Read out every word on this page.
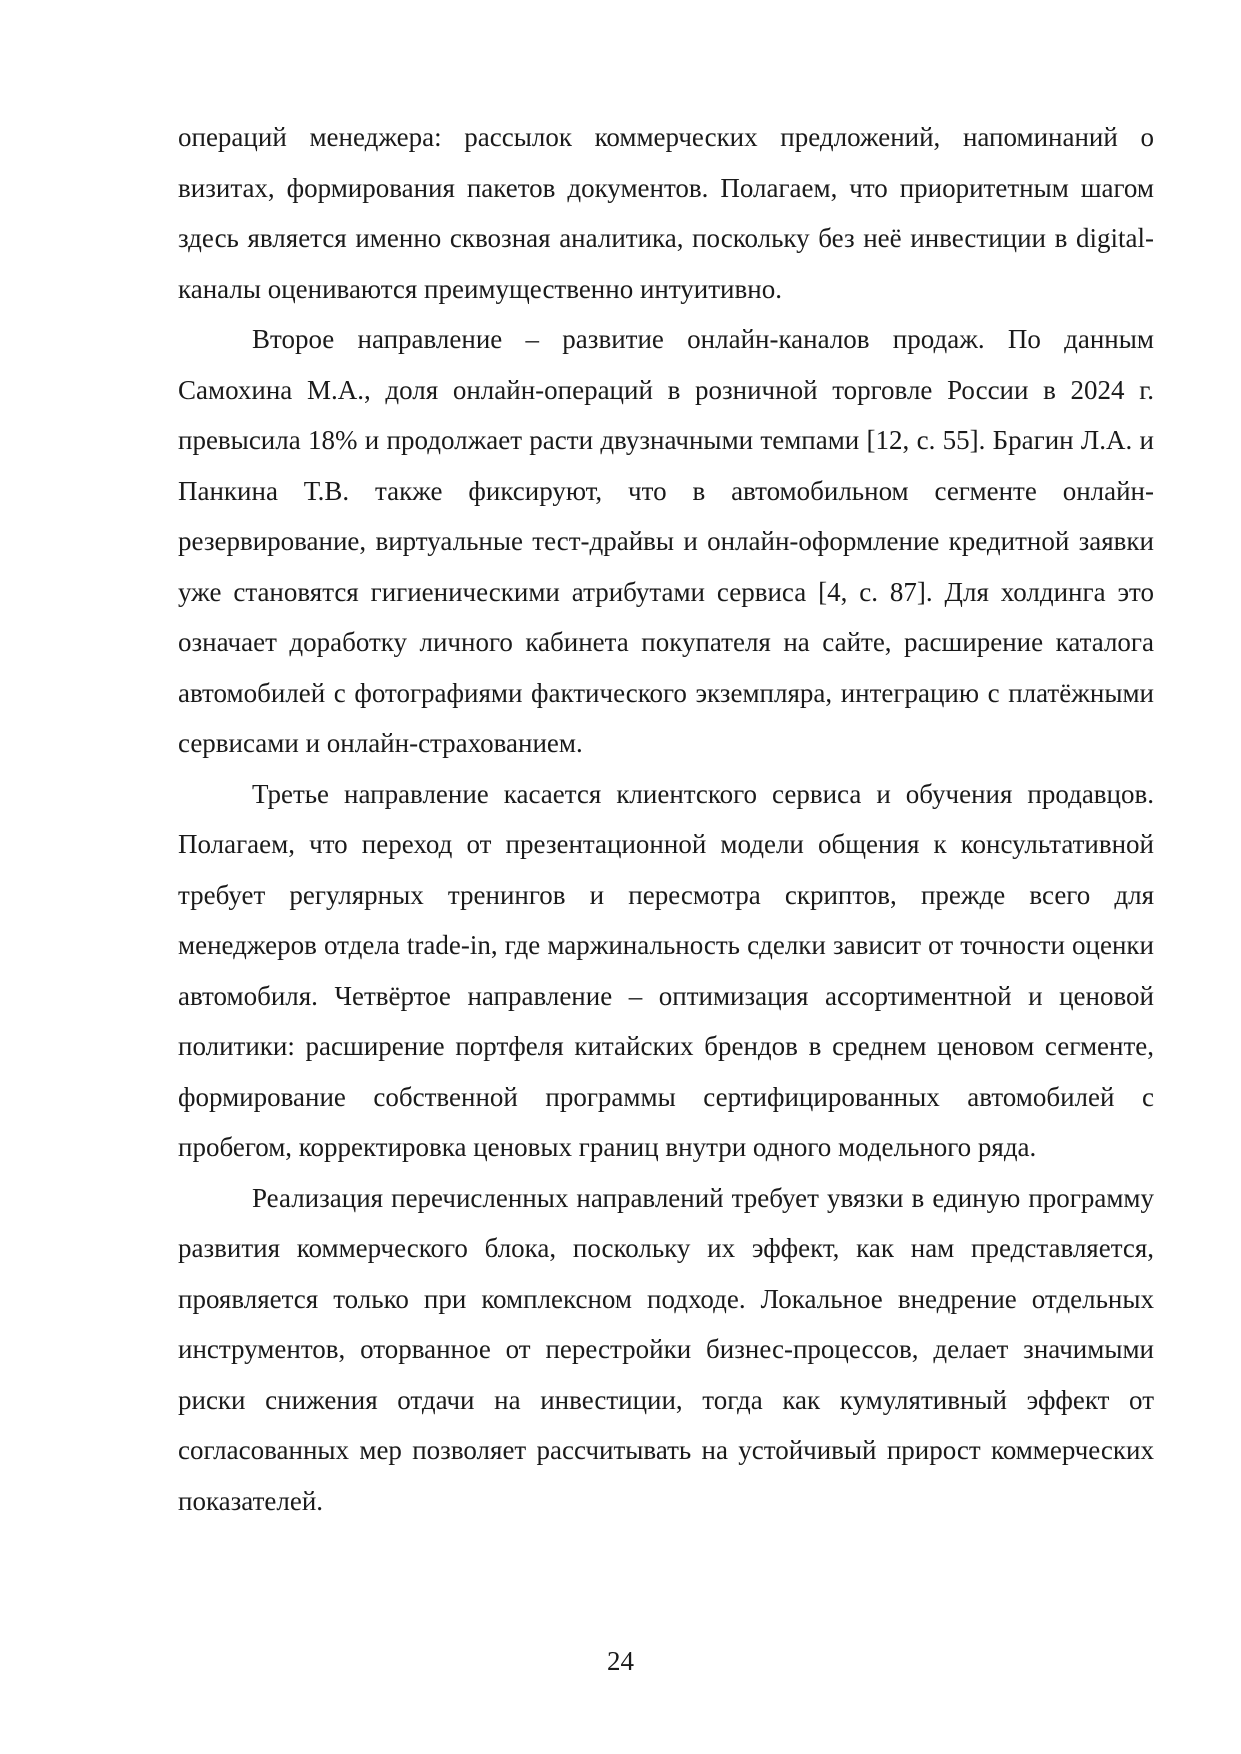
операций менеджера: рассылок коммерческих предложений, напоминаний о визитах, формирования пакетов документов. Полагаем, что приоритетным шагом здесь является именно сквозная аналитика, поскольку без неё инвестиции в digital-каналы оцениваются преимущественно интуитивно.

Второе направление – развитие онлайн-каналов продаж. По данным Самохина М.А., доля онлайн-операций в розничной торговле России в 2024 г. превысила 18% и продолжает расти двузначными темпами [12, с. 55]. Брагин Л.А. и Панкина Т.В. также фиксируют, что в автомобильном сегменте онлайн-резервирование, виртуальные тест-драйвы и онлайн-оформление кредитной заявки уже становятся гигиеническими атрибутами сервиса [4, с. 87]. Для холдинга это означает доработку личного кабинета покупателя на сайте, расширение каталога автомобилей с фотографиями фактического экземпляра, интеграцию с платёжными сервисами и онлайн-страхованием.

Третье направление касается клиентского сервиса и обучения продавцов. Полагаем, что переход от презентационной модели общения к консультативной требует регулярных тренингов и пересмотра скриптов, прежде всего для менеджеров отдела trade-in, где маржинальность сделки зависит от точности оценки автомобиля. Четвёртое направление – оптимизация ассортиментной и ценовой политики: расширение портфеля китайских брендов в среднем ценовом сегменте, формирование собственной программы сертифицированных автомобилей с пробегом, корректировка ценовых границ внутри одного модельного ряда.

Реализация перечисленных направлений требует увязки в единую программу развития коммерческого блока, поскольку их эффект, как нам представляется, проявляется только при комплексном подходе. Локальное внедрение отдельных инструментов, оторванное от перестройки бизнес-процессов, делает значимыми риски снижения отдачи на инвестиции, тогда как кумулятивный эффект от согласованных мер позволяет рассчитывать на устойчивый прирост коммерческих показателей.

24
